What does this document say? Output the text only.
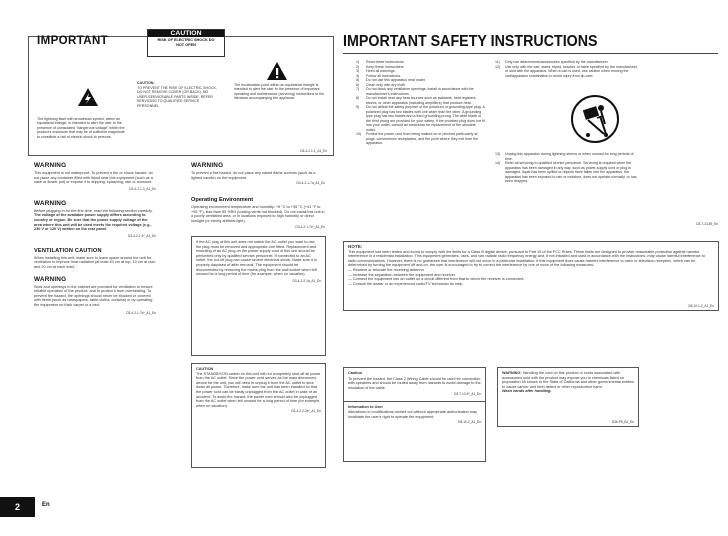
IMPORTANT
The lightning flash with arrowhead symbol, within an equilateral triangle, is intended to alert the user to the presence of uninsulated "dangerous voltage" within the product's enclosure that may be of sufficient magnitude to constitute a risk of electric shock to persons.
CAUTION
RISK OF ELECTRIC SHOCK DO NOT OPEN
CAUTION:
TO PREVENT THE RISK OF ELECTRIC SHOCK, DO NOT REMOVE COVER (OR BACK). NO USER-SERVICEABLE PARTS INSIDE. REFER SERVICING TO QUALIFIED SERVICE PERSONNEL.
The exclamation point within an equilateral triangle is intended to alert the user to the presence of important operating and maintenance (servicing) instructions in the literature accompanying the appliance.
D3-4-2-1-1_A1_En
WARNING
This equipment is not waterproof. To prevent a fire or shock hazard, do not place any container filled with liquid near this equipment (such as a vase or flower pot) or expose it to dripping, splashing, rain or moisture.
D3-4-2-1-3_A1_En
WARNING
Before plugging in for the first time, read the following section carefully.
The voltage of the available power supply differs according to country or region. Be sure that the power supply voltage of the area where this unit will be used meets the required voltage (e.g., 230 V or 120 V) written on the rear panel.
D3-4-2-1-4*_A1_En
VENTILATION CAUTION
When installing this unit, make sure to leave space around the unit for ventilation to improve heat radiation (at least 40 cm at top, 10 cm at rear, and 20 cm at each side).
WARNING
Slots and openings in the cabinet are provided for ventilation to ensure reliable operation of the product, and to protect it from overheating. To prevent fire hazard, the openings should never be blocked or covered with items (such as newspapers, table-cloths, curtains) or by operating the equipment on thick carpet or a bed.
D3-4-2-1-7b*_A1_En
WARNING
To prevent a fire hazard, do not place any naked flame sources (such as a lighted candle) on the equipment.
D3-4-2-1-7a_A1_En
Operating Environment
Operating environment temperature and humidity: +5 °C to +35 °C (+41 °F to +95 °F); less than 85 %RH (cooling vents not blocked). Do not install this unit in a poorly ventilated area, or in locations exposed to high humidity or direct sunlight (or strong artificial light).
D3-4-2-1-7c*_A1_En
If the AC plug of this unit does not match the AC outlet you want to use, the plug must be removed and appropriate one fitted. Replacement and mounting of an AC plug on the power supply cord of this unit should be performed only by qualified service personnel. If connected to an AC outlet, the cut-off plug can cause severe electrical shock. Make sure it is properly disposed of after removal. The equipment should be disconnected by removing the mains plug from the wall socket when left unused for a long period of time (for example, when on vacation).
D3-4-2-2-1a_A1_En
CAUTION
The STANDBY/ON switch on this unit will not completely shut off all power from the AC outlet. Since the power cord serves as the main disconnect device for the unit, you will need to unplug it from the AC outlet to shut down all power. Therefore, make sure the unit has been installed so that the power cord can be easily unplugged from the AC outlet in case of an accident. To avoid fire hazard, the power cord should also be unplugged from the AC outlet when left unused for a long period of time (for example, when on vacation).
D3-4-2-2-2a*_A1_En
IMPORTANT SAFETY INSTRUCTIONS
1)	Read these instructions.
2)	Keep these instructions.
3)	Heed all warnings.
4)	Follow all instructions.
5)	Do not use this apparatus near water.
6)	Clean only with dry cloth.
7)	Do not block any ventilation openings. Install in accordance with the manufacturer's instructions.
8)	Do not install near any heat sources such as radiators, heat registers, stoves, or other apparatus (including amplifiers) that produce heat.
9)	Do not defeat the safety purpose of the polarized or grounding-type plug. A polarized plug has two blades with one wider than the other. A grounding type plug has two blades and a third grounding prong. The wide blade or the third prong are provided for your safety. If the provided plug does not fit into your outlet, consult an electrician for replacement of the obsolete outlet.
10)	Protect the power cord from being walked on or pinched particularly at plugs, convenience receptacles, and the point where they exit from the apparatus.
11)	Only use attachments/accessories specified by the manufacturer.
12)	Use only with the cart, stand, tripod, bracket, or table specified by the manufacturer, or sold with the apparatus. When a cart is used, use caution when moving the cart/apparatus combination to avoid injury from tip-over.
13)	Unplug this apparatus during lightning storms or when unused for long periods of time.
14)	Refer all servicing to qualified service personnel. Servicing is required when the apparatus has been damaged in any way, such as power-supply cord or plug is damaged, liquid has been spilled or objects have fallen into the apparatus, the apparatus has been exposed to rain or moisture, does not operate normally, or has been dropped.
D3-7-13-69_En
NOTE:
This equipment has been tested and found to comply with the limits for a Class B digital device, pursuant to Part 15 of the FCC Rules. These limits are designed to provide reasonable protection against harmful interference in a residential installation. This equipment generates, uses, and can radiate radio frequency energy and, if not installed and used in accordance with the instructions, may cause harmful interference to radio communications. However, there is no guarantee that interference will not occur in a particular installation. If this equipment does cause harmful interference to radio or television reception, which can be determined by turning the equipment off and on, the user is encouraged to try to correct the interference by one or more of the following measures:
— Reorient or relocate the receiving antenna.
— Increase the separation between the equipment and receiver.
— Connect the equipment into an outlet on a circuit different from that to which the receiver is connected.
— Consult the dealer or an experienced radio/TV technician for help.
D8-10-1-2_A1_En
Caution
To prevent the hazard, the Class 2 Wiring Cable should be used for connection with speakers and should be routed away from hazards to avoid damage to the insulation of the cable.
D3-7-10-5*_A1_En
Information to User
Alterations or modifications carried out without appropriate authorization may invalidate the user's right to operate the equipment.
D8-10-2_A1_En
WARNING: Handling the cord on this product or cords associated with accessories sold with the product may expose you to chemicals listed on proposition 65 known to the State of California and other governmental entities to cause cancer and birth defect or other reproductive harm.
Wash hands after handling.
D36-P5_B1_En
2	En
